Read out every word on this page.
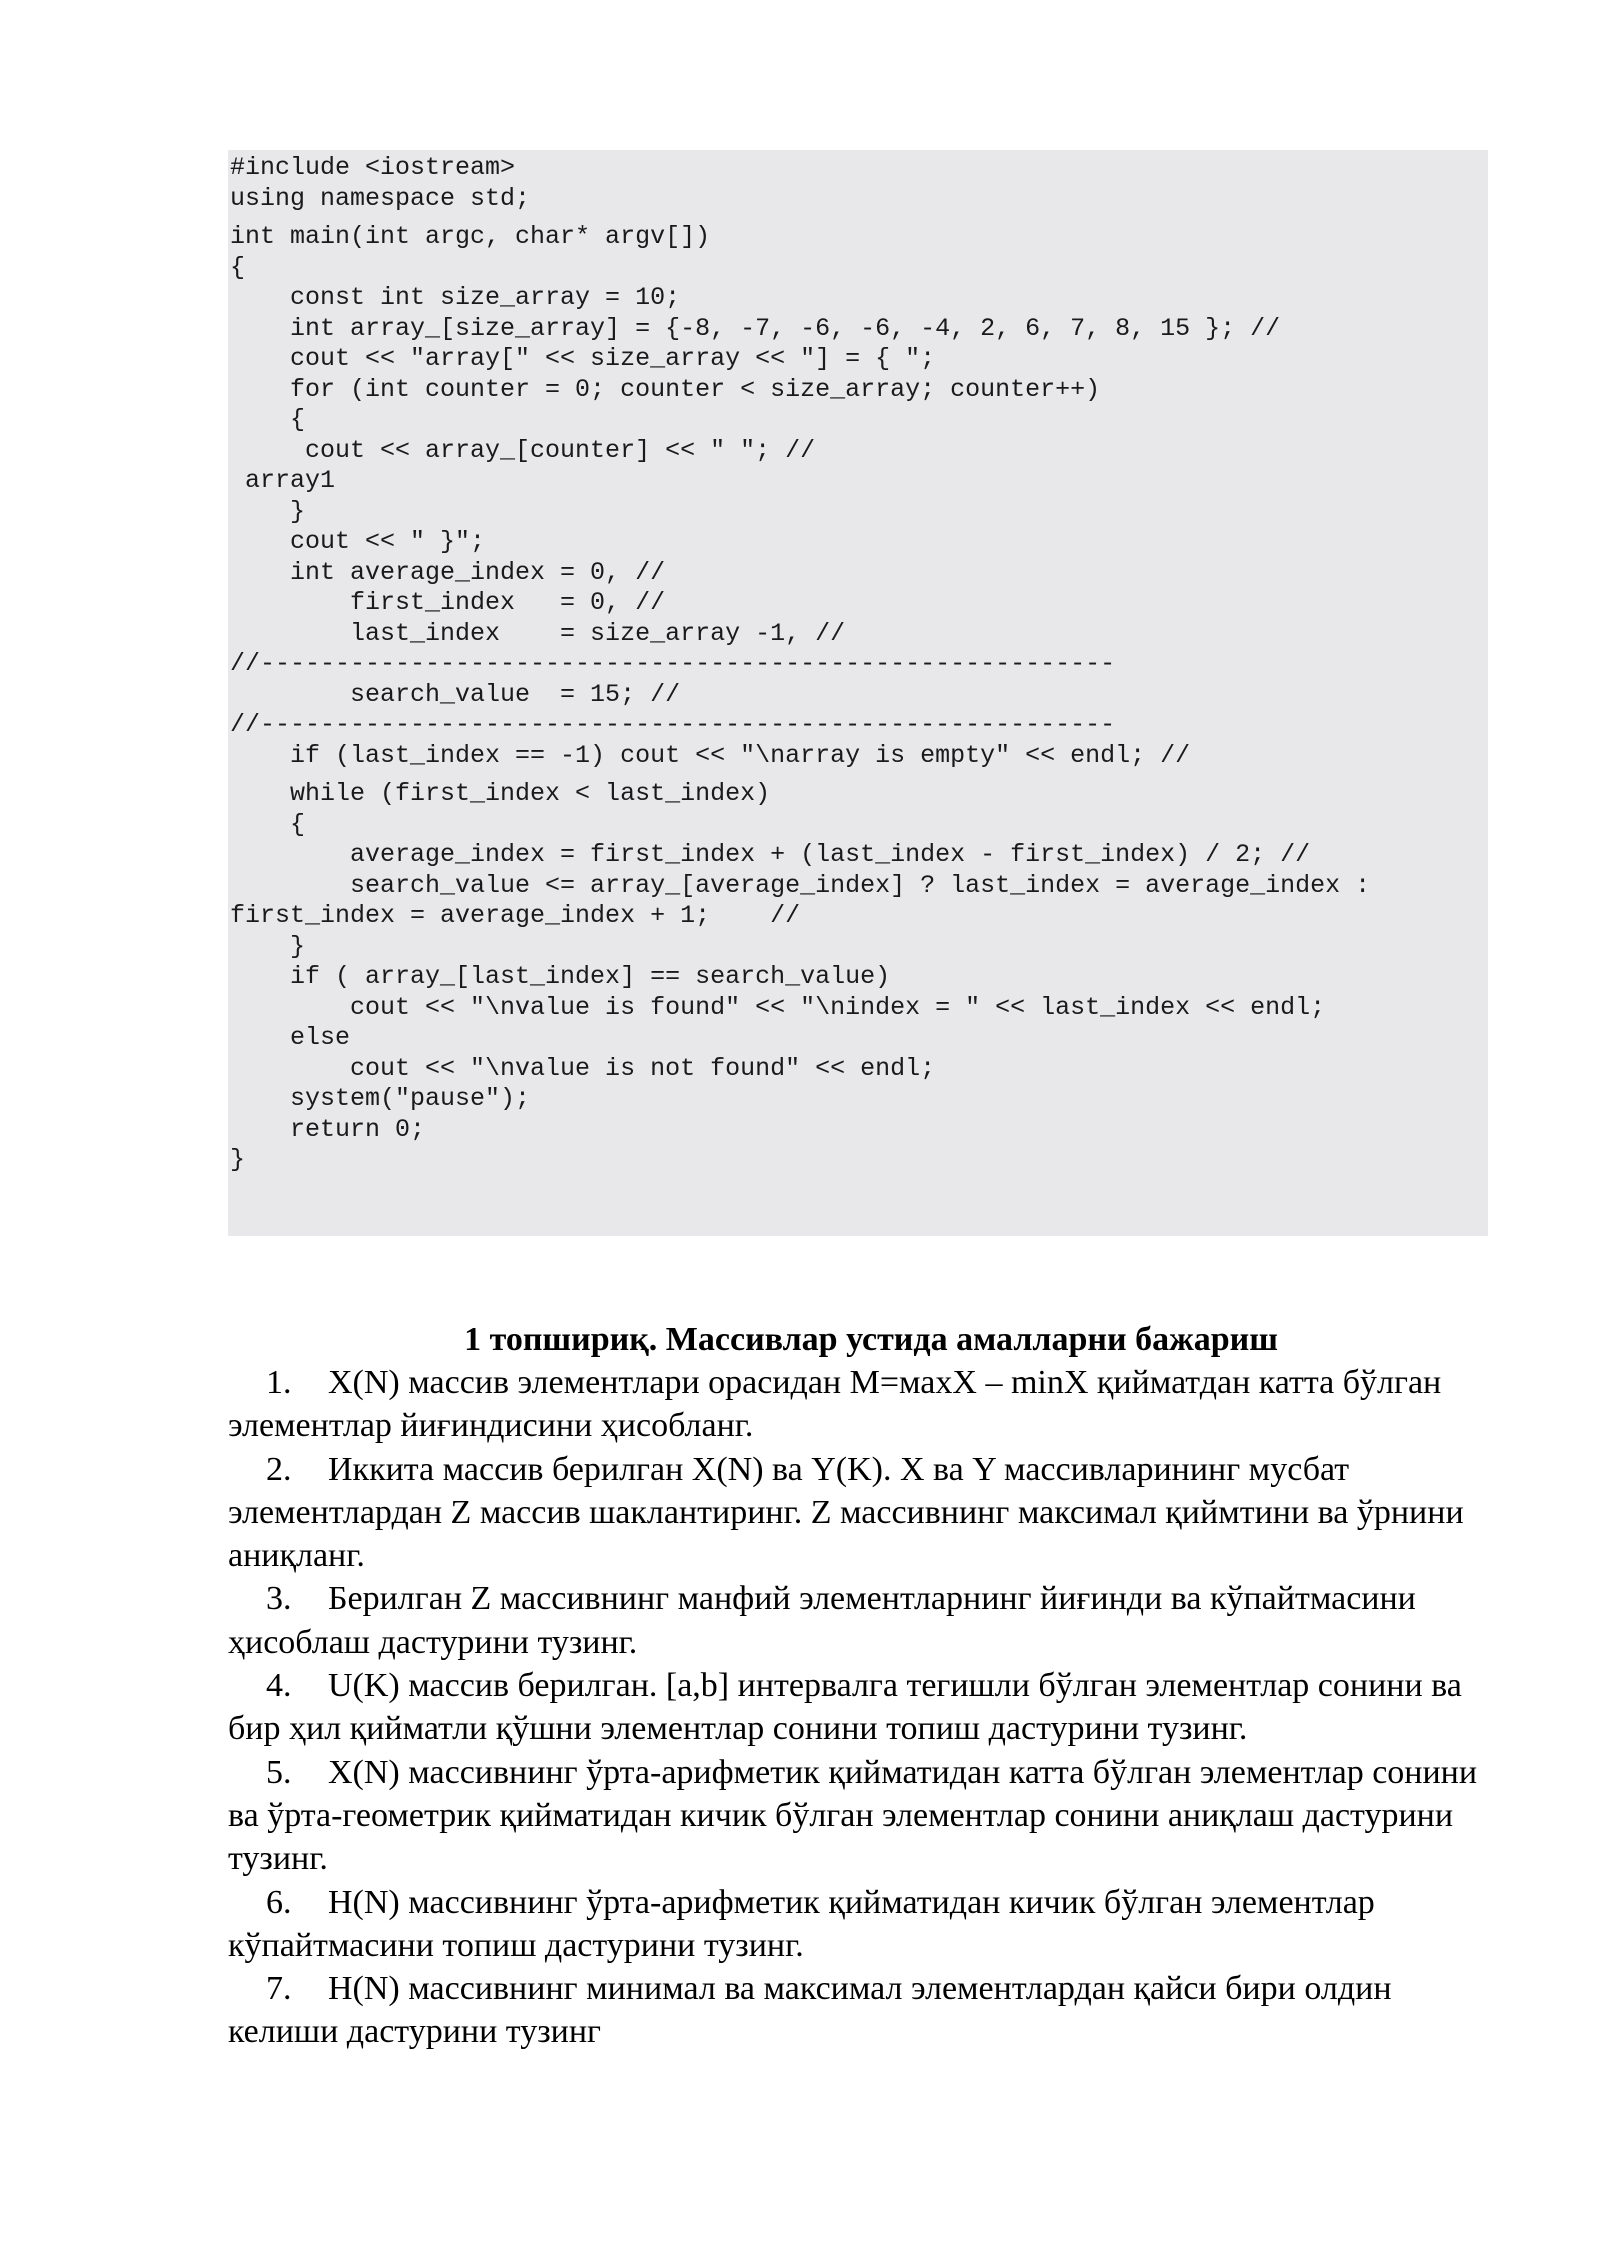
#include <iostream>
using namespace std;
int main(int argc, char* argv[])
{
const int size_array = 10;
int array_[size_array] = {-8, -7, -6, -6, -4, 2, 6, 7, 8, 15 }; //
cout << "array[" << size_array << "] = { ";
for (int counter = 0; counter < size_array; counter++)
{
cout << array_[counter] << " "; //
array1
}
cout << " }";
int average_index = 0, //
first_index   = 0, //
last_index    = size_array -1, //
//---------------------------------------------------------
search_value  = 15; //
//---------------------------------------------------------
if (last_index == -1) cout << "\narray is empty" << endl; //
while (first_index < last_index)
{
average_index = first_index + (last_index - first_index) / 2; //
search_value <= array_[average_index] ? last_index = average_index :
first_index = average_index + 1;    //
}
if ( array_[last_index] == search_value)
cout << "\nvalue is found" << "\nindex = " << last_index << endl;
else
cout << "\nvalue is not found" << endl;
system("pause");
return 0;
}
1 топшириқ. Массивлар устида амалларни бажариш
1. X(N) массив элементлари орасидан M=махX – minX қийматдан катта бўлган элементлар йиғиндисини ҳисобланг.
2. Иккита массив берилган X(N) ва Y(K). X ва Y массивларининг мусбат элементлардан Z массив шаклантиринг. Z массивнинг максимал қиймтини ва ўрнини аниқланг.
3. Берилган Z массивнинг манфий элементларнинг йиғинди ва кўпайтмасини ҳисоблаш дастурини тузинг.
4. U(K) массив берилган. [a,b] интервалга тегишли бўлган элементлар сонини ва бир ҳил қийматли қўшни элементлар сонини топиш дастурини тузинг.
5. X(N) массивнинг ўрта-арифметик қийматидан катта бўлган элементлар сонини ва ўрта-геометрик қийматидан кичик бўлган элементлар сонини аниқлаш дастурини тузинг.
6. H(N) массивнинг ўрта-арифметик қийматидан кичик бўлган элементлар кўпайтмасини топиш дастурини тузинг.
7. H(N) массивнинг минимал ва максимал элементлардан қайси бири олдин келиши дастурини тузинг
